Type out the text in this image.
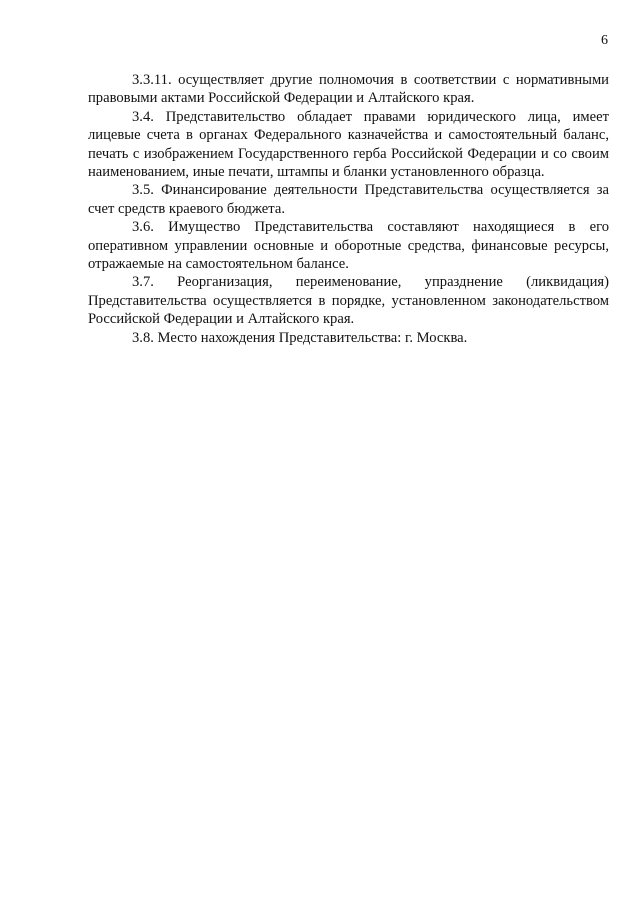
6

3.3.11. осуществляет другие полномочия в соответствии с нормативными правовыми актами Российской Федерации и Алтайского края.

3.4. Представительство обладает правами юридического лица, имеет лицевые счета в органах Федерального казначейства и самостоятельный баланс, печать с изображением Государственного герба Российской Федерации и со своим наименованием, иные печати, штампы и бланки установленного образца.

3.5. Финансирование деятельности Представительства осуществляется за счет средств краевого бюджета.

3.6. Имущество Представительства составляют находящиеся в его оперативном управлении основные и оборотные средства, финансовые ресурсы, отражаемые на самостоятельном балансе.

3.7. Реорганизация, переименование, упразднение (ликвидация) Представительства осуществляется в порядке, установленном законодательством Российской Федерации и Алтайского края.

3.8. Место нахождения Представительства: г. Москва.
